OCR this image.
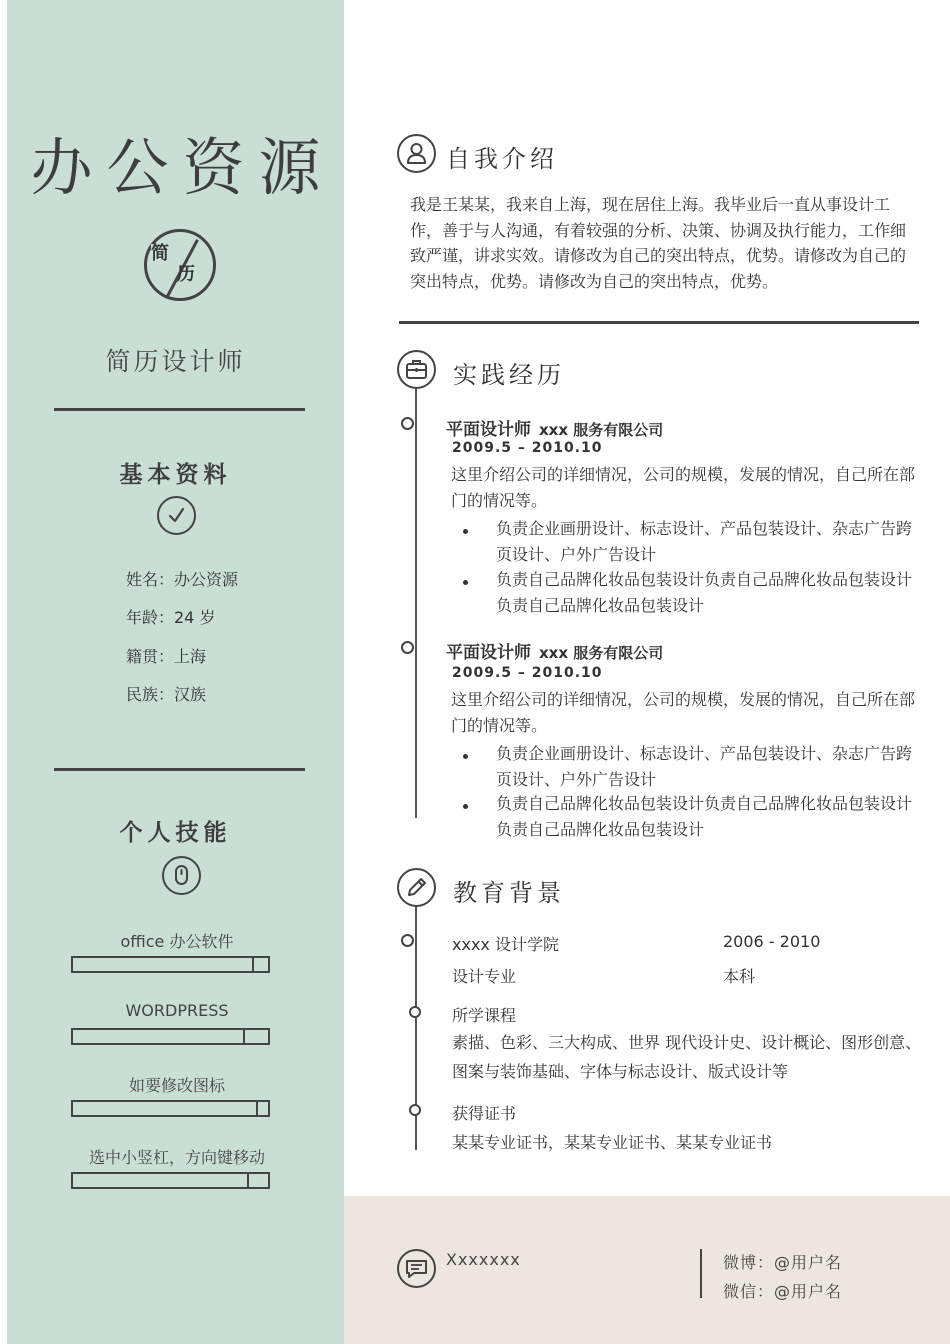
办公资源
简
历
简历设计师
基本资料
姓名：办公资源
年龄：24 岁
籍贯：上海
民族：汉族
个人技能
office 办公软件
WORDPRESS
如要修改图标
选中小竖杠，方向键移动
自我介绍
我是王某某，我来自上海，现在居住上海。我毕业后一直从事设计工作，善于与人沟通，有着较强的分析、决策、协调及执行能力，工作细致严谨，讲求实效。请修改为自己的突出特点，优势。请修改为自己的突出特点，优势。请修改为自己的突出特点，优势。
实践经历
平面设计师 xxx 服务有限公司
2009.5 – 2010.10
这里介绍公司的详细情况，公司的规模，发展的情况，自己所在部门的情况等。
负责企业画册设计、标志设计、产品包装设计、杂志广告跨页设计、户外广告设计
负责自己品牌化妆品包装设计负责自己品牌化妆品包装设计负责自己品牌化妆品包装设计
平面设计师 xxx 服务有限公司
2009.5 – 2010.10
这里介绍公司的详细情况，公司的规模，发展的情况，自己所在部门的情况等。
负责企业画册设计、标志设计、产品包装设计、杂志广告跨页设计、户外广告设计
负责自己品牌化妆品包装设计负责自己品牌化妆品包装设计负责自己品牌化妆品包装设计
教育背景
xxxx 设计学院	2006 - 2010
设计专业	本科
所学课程
素描、色彩、三大构成、世界 现代设计史、设计概论、图形创意、图案与装饰基础、字体与标志设计、版式设计等
获得证书
某某专业证书，某某专业证书、某某专业证书
Xxxxxxx	微博：@用户名
微信：@用户名
